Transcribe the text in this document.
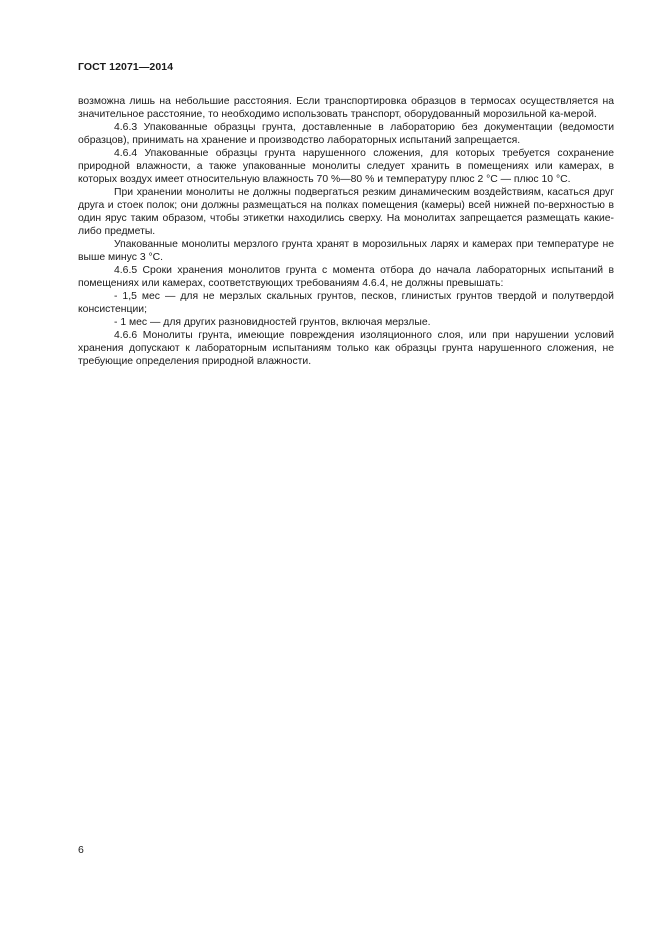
ГОСТ 12071—2014

возможна лишь на небольшие расстояния. Если транспортировка образцов в термосах осуществляется на значительное расстояние, то необходимо использовать транспорт, оборудованный морозильной ка-мерой.

4.6.3 Упакованные образцы грунта, доставленные в лабораторию без документации (ведомости образцов), принимать на хранение и производство лабораторных испытаний запрещается.

4.6.4 Упакованные образцы грунта нарушенного сложения, для которых требуется сохранение природной влажности, а также упакованные монолиты следует хранить в помещениях или камерах, в которых воздух имеет относительную влажность 70 %—80 % и температуру плюс 2 °С — плюс 10 °С.

При хранении монолиты не должны подвергаться резким динамическим воздействиям, касаться друг друга и стоек полок; они должны размещаться на полках помещения (камеры) всей нижней по-верхностью в один ярус таким образом, чтобы этикетки находились сверху. На монолитах запрещается размещать какие-либо предметы.

Упакованные монолиты мерзлого грунта хранят в морозильных ларях и камерах при температуре не выше минус 3 °С.

4.6.5 Сроки хранения монолитов грунта с момента отбора до начала лабораторных испытаний в помещениях или камерах, соответствующих требованиям 4.6.4, не должны превышать:

- 1,5 мес — для не мерзлых скальных грунтов, песков, глинистых грунтов твердой и полутвердой консистенции;

- 1 мес — для других разновидностей грунтов, включая мерзлые.

4.6.6 Монолиты грунта, имеющие повреждения изоляционного слоя, или при нарушении условий хранения допускают к лабораторным испытаниям только как образцы грунта нарушенного сложения, не требующие определения природной влажности.

6
